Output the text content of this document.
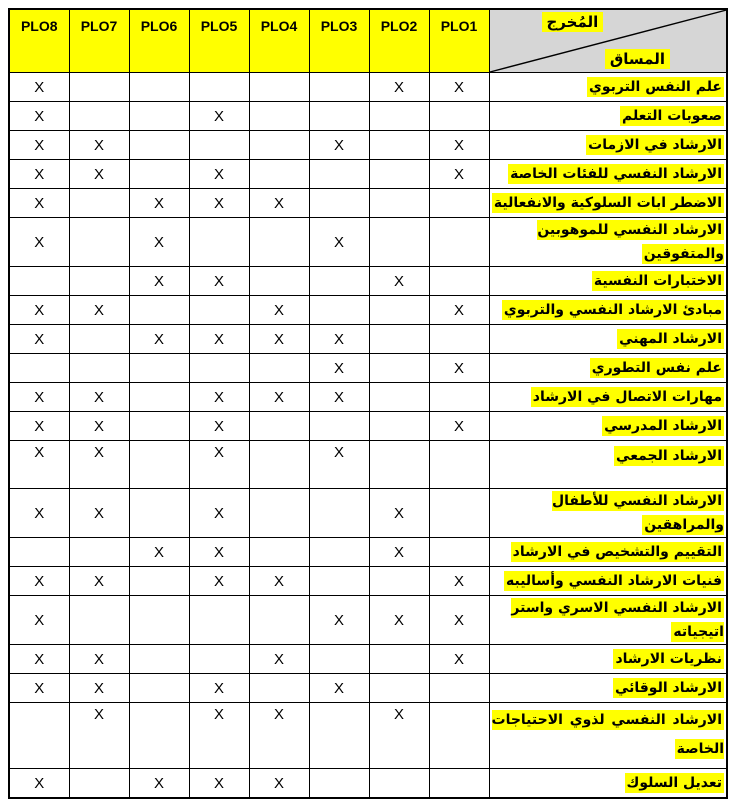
PLO8	PLO7	PLO6	PLO5	PLO4	PLO3	PLO2	PLO1	المُخرج
المساق

X						X	X	علم النفس التربوي
X			X					صعوبات التعلم
X	X				X		X	الارشاد في الازمات
X	X		X				X	الارشاد النفسي للفئات الخاصة
X		X	X	X				الاضطر ابات السلوكية والانفعالية
X		X			X			الارشاد النفسي للموهوبين والمتفوقين
		X	X			X		الاختبارات النفسية
X	X			X			X	مبادئ الارشاد النفسي والتربوي
X		X	X	X	X			الارشاد المهني
					X		X	علم نفس التطوري
X	X		X	X	X			مهارات الاتصال في الارشاد
X	X		X				X	الارشاد المدرسي
X	X		X		X			الارشاد الجمعي
X	X		X			X		الارشاد النفسي للأطفال والمراهقين
		X	X			X		التقييم والتشخيص في الارشاد
X	X		X	X			X	فنيات الارشاد النفسي وأساليبه
X					X	X	X	الارشاد النفسي الاسري واستر اتيجياته
X	X			X			X	نظريات الارشاد
X	X		X		X			الارشاد الوقائي
	X		X	X		X		الارشاد النفسي لذوي الاحتياجات الخاصة
X		X	X	X				تعديل السلوك
